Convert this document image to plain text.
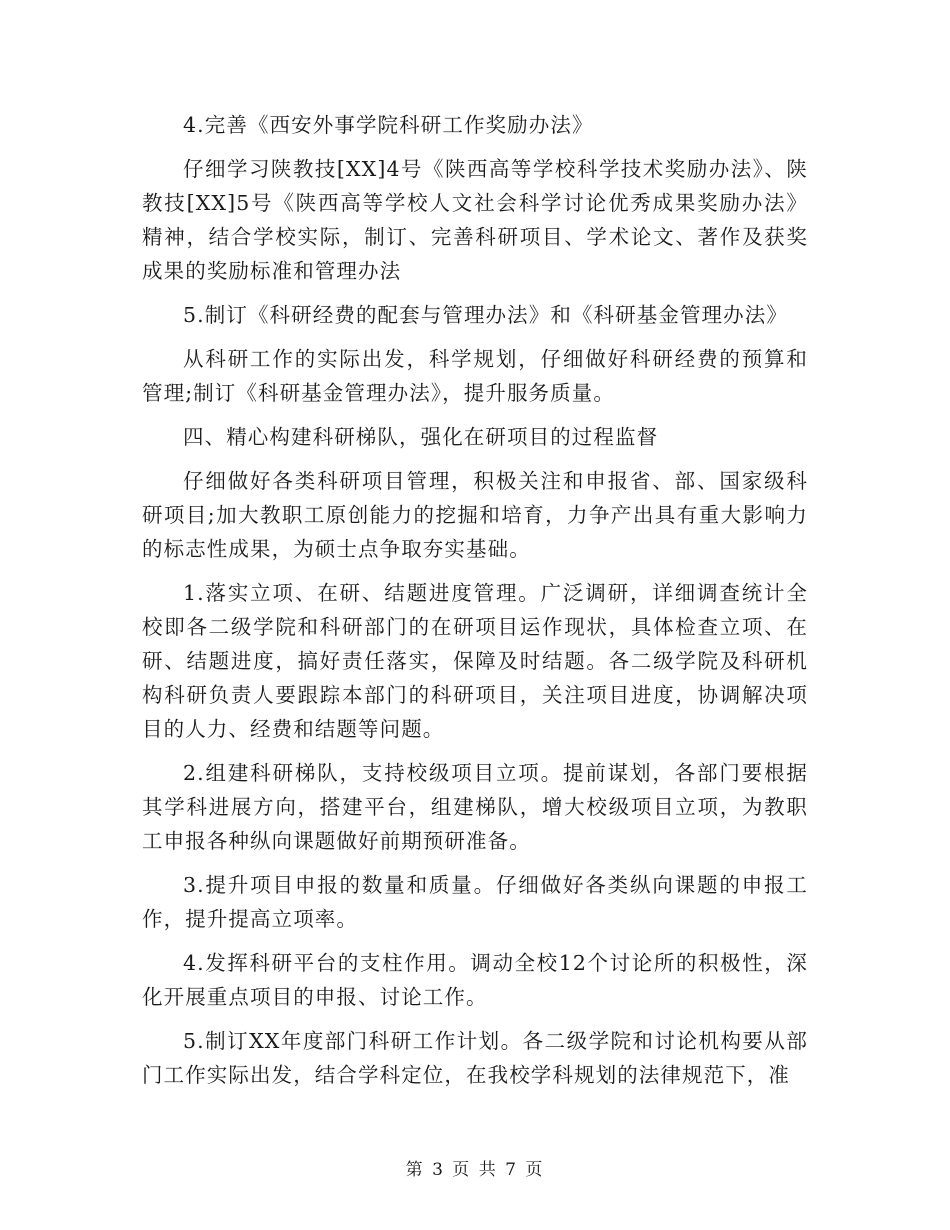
4.完善《西安外事学院科研工作奖励办法》

仔细学习陕教技[XX]4号《陕西高等学校科学技术奖励办法》、陕教技[XX]5号《陕西高等学校人文社会科学讨论优秀成果奖励办法》精神，结合学校实际，制订、完善科研项目、学术论文、著作及获奖成果的奖励标准和管理办法

5.制订《科研经费的配套与管理办法》和《科研基金管理办法》

从科研工作的实际出发，科学规划，仔细做好科研经费的预算和管理;制订《科研基金管理办法》，提升服务质量。

四、精心构建科研梯队，强化在研项目的过程监督

仔细做好各类科研项目管理，积极关注和申报省、部、国家级科研项目;加大教职工原创能力的挖掘和培育，力争产出具有重大影响力的标志性成果，为硕士点争取夯实基础。

1.落实立项、在研、结题进度管理。广泛调研，详细调查统计全校即各二级学院和科研部门的在研项目运作现状，具体检查立项、在研、结题进度，搞好责任落实，保障及时结题。各二级学院及科研机构科研负责人要跟踪本部门的科研项目，关注项目进度，协调解决项目的人力、经费和结题等问题。

2.组建科研梯队，支持校级项目立项。提前谋划，各部门要根据其学科进展方向，搭建平台，组建梯队，增大校级项目立项，为教职工申报各种纵向课题做好前期预研准备。

3.提升项目申报的数量和质量。仔细做好各类纵向课题的申报工作，提升提高立项率。

4.发挥科研平台的支柱作用。调动全校12个讨论所的积极性，深化开展重点项目的申报、讨论工作。

5.制订XX年度部门科研工作计划。各二级学院和讨论机构要从部门工作实际出发，结合学科定位，在我校学科规划的法律规范下，准

第 3 页 共 7 页
